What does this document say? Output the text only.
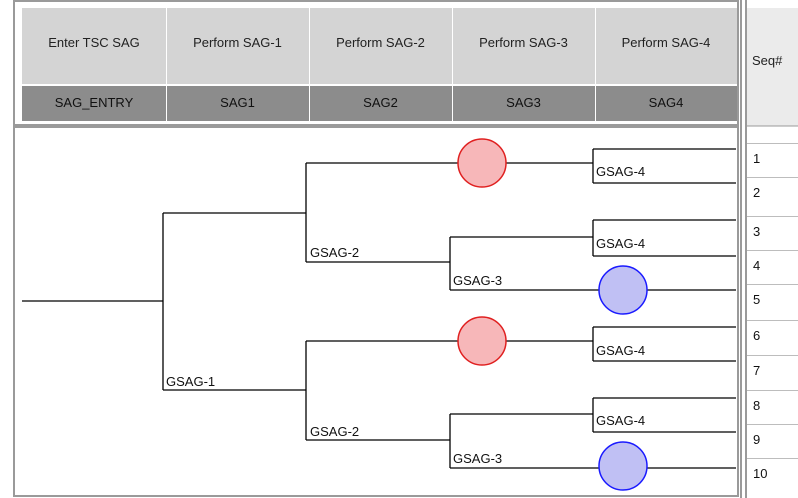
Enter TSC SAG	Perform SAG-1	Perform SAG-2	Perform SAG-3	Perform SAG-4
SAG_ENTRY	SAG1	SAG2	SAG3	SAG4
Seq#
1
2
3
4
5
6
7
8
9
10
GSAG-1
GSAG-2
GSAG-2
GSAG-3
GSAG-3
GSAG-4
GSAG-4
GSAG-4
GSAG-4
